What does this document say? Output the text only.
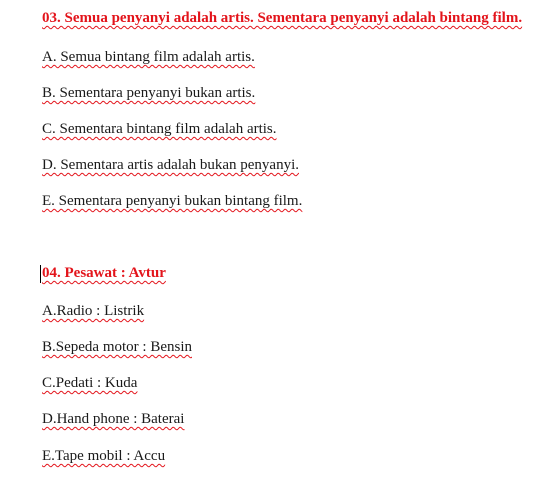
03. Semua penyanyi adalah artis. Sementara penyanyi adalah bintang film.
A. Semua bintang film adalah artis.
B. Sementara penyanyi bukan artis.
C. Sementara bintang film adalah artis.
D. Sementara artis adalah bukan penyanyi.
E. Sementara penyanyi bukan bintang film.
04. Pesawat : Avtur
A.Radio : Listrik
B.Sepeda motor : Bensin
C.Pedati : Kuda
D.Hand phone : Baterai
E.Tape mobil : Accu
